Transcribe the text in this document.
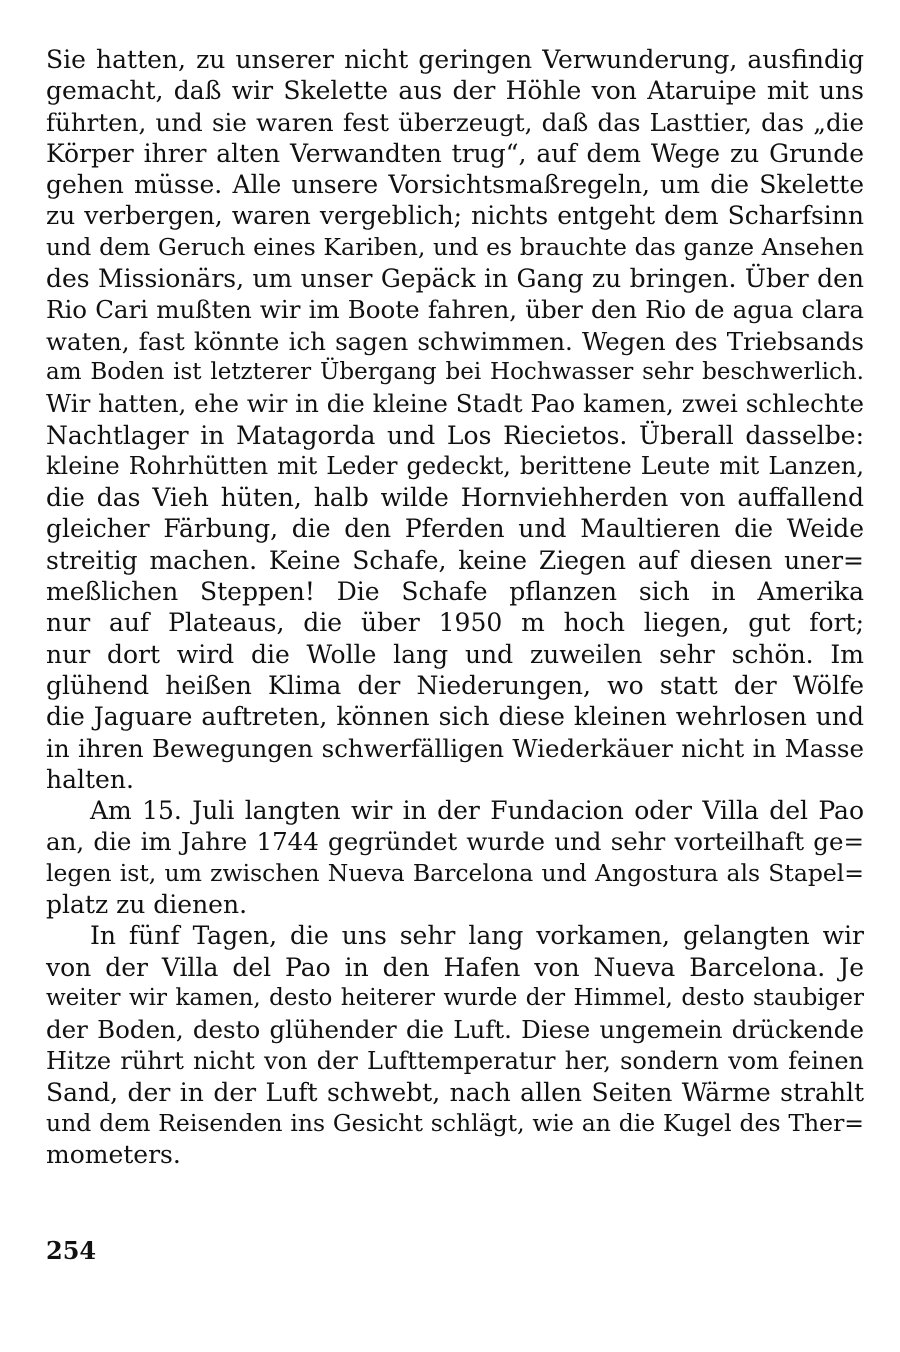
Sie hatten, zu unserer nicht geringen Verwunderung, ausfindig
gemacht, daß wir Skelette aus der Höhle von Ataruipe mit uns
führten, und sie waren fest überzeugt, daß das Lasttier, das „die
Körper ihrer alten Verwandten trug“, auf dem Wege zu Grunde
gehen müsse. Alle unsere Vorsichtsmaßregeln, um die Skelette
zu verbergen, waren vergeblich; nichts entgeht dem Scharfsinn
und dem Geruch eines Kariben, und es brauchte das ganze Ansehen
des Missionärs, um unser Gepäck in Gang zu bringen. Über den
Rio Cari mußten wir im Boote fahren, über den Rio de agua clara
waten, fast könnte ich sagen schwimmen. Wegen des Triebsands
am Boden ist letzterer Übergang bei Hochwasser sehr beschwerlich.
Wir hatten, ehe wir in die kleine Stadt Pao kamen, zwei schlechte
Nachtlager in Matagorda und Los Riecietos. Überall dasselbe:
kleine Rohrhütten mit Leder gedeckt, berittene Leute mit Lanzen,
die das Vieh hüten, halb wilde Hornviehherden von auffallend
gleicher Färbung, die den Pferden und Maultieren die Weide
streitig machen. Keine Schafe, keine Ziegen auf diesen uner=
meßlichen Steppen! Die Schafe pflanzen sich in Amerika
nur auf Plateaus, die über 1950 m hoch liegen, gut fort;
nur dort wird die Wolle lang und zuweilen sehr schön. Im
glühend heißen Klima der Niederungen, wo statt der Wölfe
die Jaguare auftreten, können sich diese kleinen wehrlosen und
in ihren Bewegungen schwerfälligen Wiederkäuer nicht in Masse
halten.
Am 15. Juli langten wir in der Fundacion oder Villa del Pao
an, die im Jahre 1744 gegründet wurde und sehr vorteilhaft ge=
legen ist, um zwischen Nueva Barcelona und Angostura als Stapel=
platz zu dienen.
In fünf Tagen, die uns sehr lang vorkamen, gelangten wir
von der Villa del Pao in den Hafen von Nueva Barcelona. Je
weiter wir kamen, desto heiterer wurde der Himmel, desto staubiger
der Boden, desto glühender die Luft. Diese ungemein drückende
Hitze rührt nicht von der Lufttemperatur her, sondern vom feinen
Sand, der in der Luft schwebt, nach allen Seiten Wärme strahlt
und dem Reisenden ins Gesicht schlägt, wie an die Kugel des Ther=
mometers.
254
